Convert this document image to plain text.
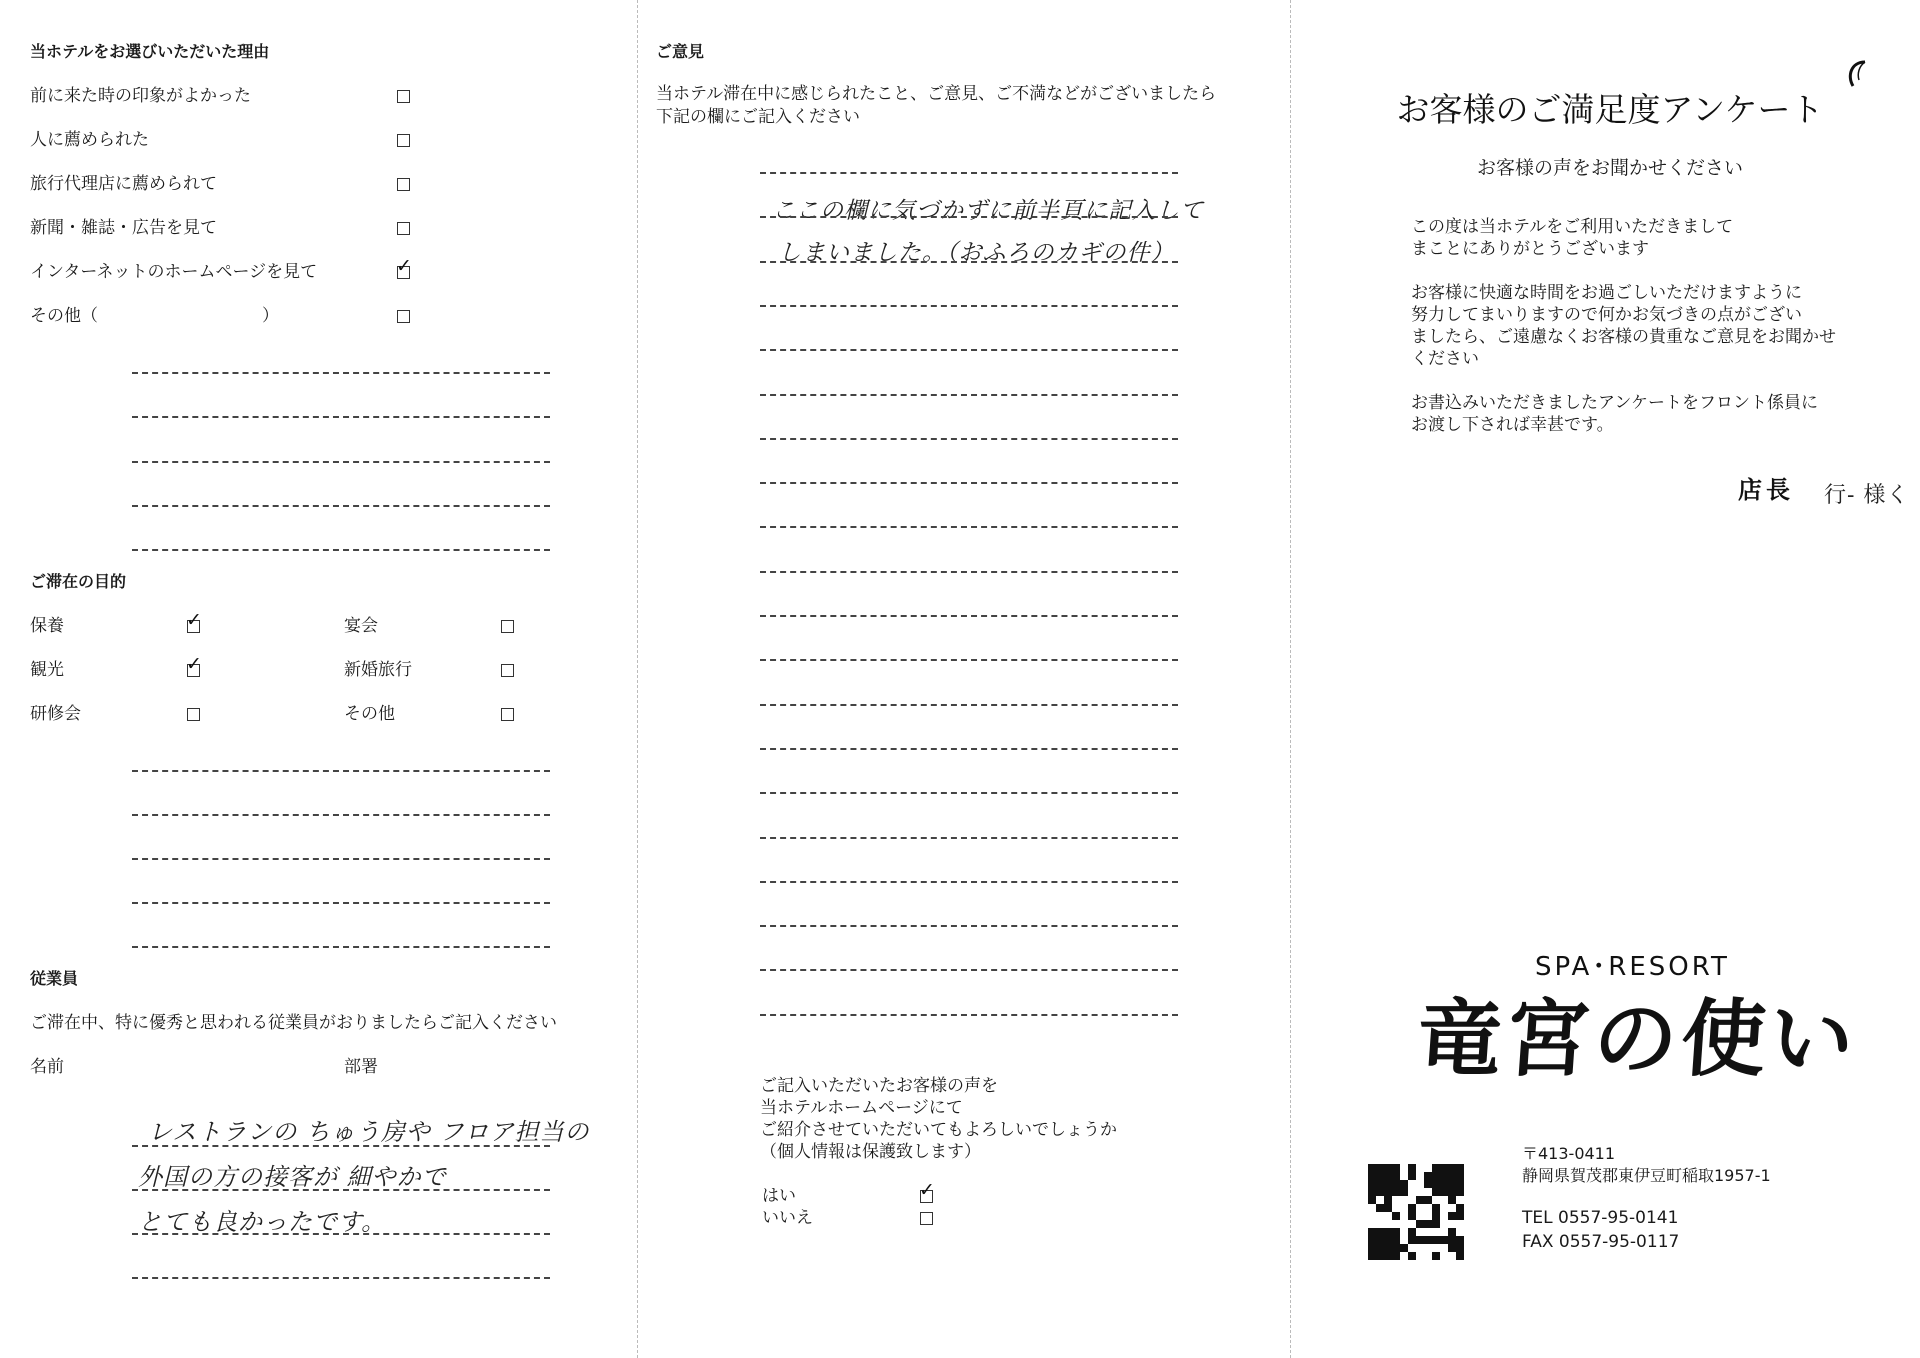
当ホテルをお選びいただいた理由
前に来た時の印象がよかった
人に薦められた
旅行代理店に薦められて
新聞・雑誌・広告を見て
インターネットのホームページを見て	✓
その他（	）
ご滞在の目的
保養	✓	宴会
観光	✓	新婚旅行
研修会	その他
従業員
ご滞在中、特に優秀と思われる従業員がおりましたらご記入ください
名前	部署
レストランの ちゅう房や フロア担当の
外国の方の接客が 細やかで
とても良かったです。
ご意見
当ホテル滞在中に感じられたこと、ご意見、ご不満などがございましたら
下記の欄にご記入ください
ここの欄に気づかずに前半頁に記入して
しまいました。（おふろのカギの件）
ご記入いただいたお客様の声を
当ホテルホームページにて
ご紹介させていただいてもよろしいでしょうか
（個人情報は保護致します）
はい	✓
いいえ
お客様のご満足度アンケート
お客様の声をお聞かせください
この度は当ホテルをご利用いただきまして
まことにありがとうございます
お客様に快適な時間をお過ごしいただけますように
努力してまいりますので何かお気づきの点がござい
ましたら、ご遠慮なくお客様の貴重なご意見をお聞かせ
ください
お書込みいただきましたアンケートをフロント係員に
お渡し下されば幸甚です。
店長 行- 様く
SPA･RESORT
竜宮の使い
〒413-0411
静岡県賀茂郡東伊豆町稲取1957-1
TEL 0557-95-0141
FAX 0557-95-0117
